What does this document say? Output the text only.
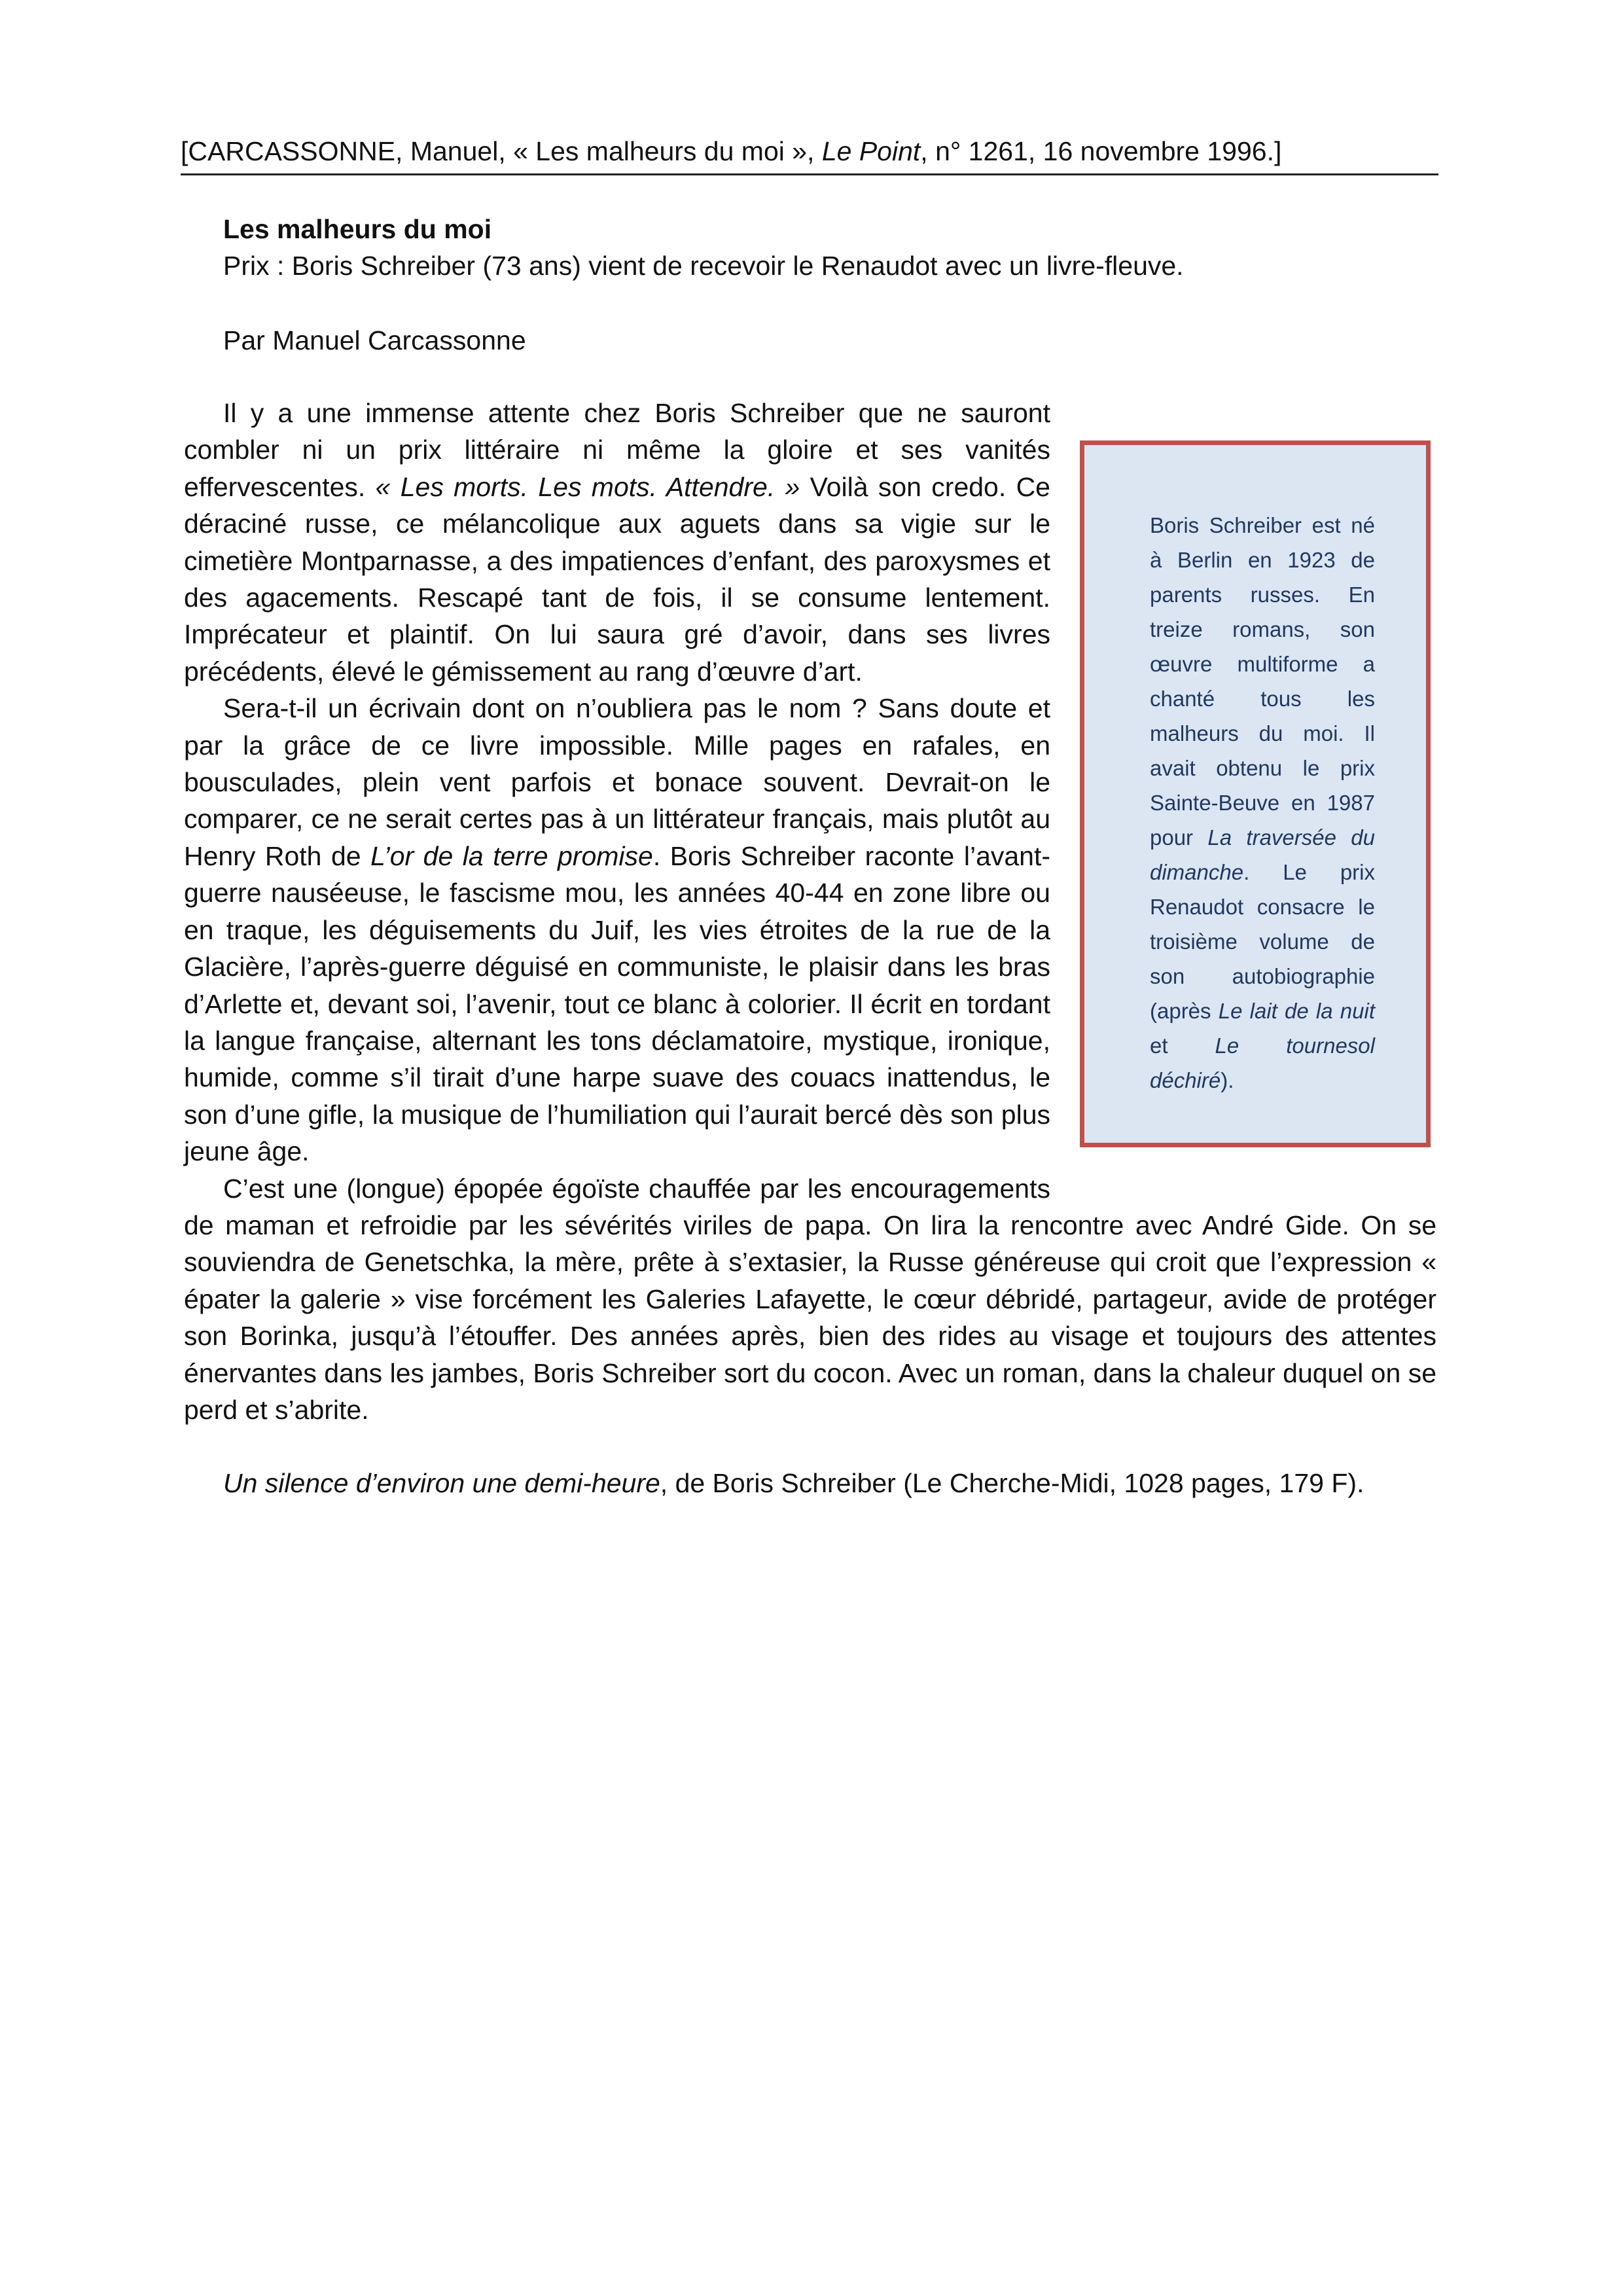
[CARCASSONNE, Manuel, « Les malheurs du moi », Le Point, n° 1261, 16 novembre 1996.]
Les malheurs du moi
Prix : Boris Schreiber (73 ans) vient de recevoir le Renaudot avec un livre-fleuve.
Par Manuel Carcassonne

Il y a une immense attente chez Boris Schreiber que ne sauront combler ni un prix littéraire ni même la gloire et ses vanités effervescentes. « Les morts. Les mots. Attendre. » Voilà son credo. Ce déraciné russe, ce mélancolique aux aguets dans sa vigie sur le cimetière Montparnasse, a des impatiences d’enfant, des paroxysmes et des agacements. Rescapé tant de fois, il se consume lentement. Imprécateur et plaintif. On lui saura gré d’avoir, dans ses livres précédents, élevé le gémissement au rang d’œuvre d’art.

Sera-t-il un écrivain dont on n’oubliera pas le nom ? Sans doute et par la grâce de ce livre impossible. Mille pages en rafales, en bousculades, plein vent parfois et bonace souvent. Devrait-on le comparer, ce ne serait certes pas à un littérateur français, mais plutôt au Henry Roth de L’or de la terre promise. Boris Schreiber raconte l’avant-guerre nauséeuse, le fascisme mou, les années 40-44 en zone libre ou en traque, les déguisements du Juif, les vies étroites de la rue de la Glacière, l’après-guerre déguisé en communiste, le plaisir dans les bras d’Arlette et, devant soi, l’avenir, tout ce blanc à colorier. Il écrit en tordant la langue française, alternant les tons déclamatoire, mystique, ironique, humide, comme s’il tirait d’une harpe suave des couacs inattendus, le son d’une gifle, la musique de l’humiliation qui l’aurait bercé dès son plus jeune âge.

C’est une (longue) épopée égoïste chauffée par les encouragements de maman et refroidie par les sévérités viriles de papa. On lira la rencontre avec André Gide. On se souviendra de Genetschka, la mère, prête à s’extasier, la Russe généreuse qui croit que l’expression « épater la galerie » vise forcément les Galeries Lafayette, le cœur débridé, partageur, avide de protéger son Borinka, jusqu’à l’étouffer. Des années après, bien des rides au visage et toujours des attentes énervantes dans les jambes, Boris Schreiber sort du cocon. Avec un roman, dans la chaleur duquel on se perd et s’abrite.

Un silence d’environ une demi-heure, de Boris Schreiber (Le Cherche-Midi, 1028 pages, 179 F).

Boris Schreiber est né à Berlin en 1923 de parents russes. En treize romans, son œuvre multiforme a chanté tous les malheurs du moi. Il avait obtenu le prix Sainte-Beuve en 1987 pour La traversée du dimanche. Le prix Renaudot consacre le troisième volume de son autobiographie (après Le lait de la nuit et Le tournesol déchiré).
